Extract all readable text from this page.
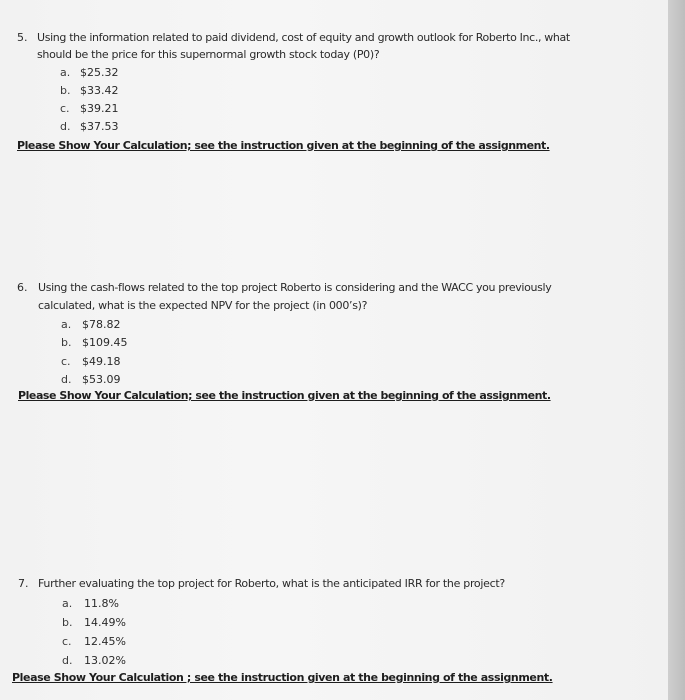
5. Using the information related to paid dividend, cost of equity and growth outlook for Roberto Inc., what
should be the price for this supernormal growth stock today (P0)?
a. $25.32
b. $33.42
c. $39.21
d. $37.53
Please Show Your Calculation; see the instruction given at the beginning of the assignment.
6. Using the cash-flows related to the top project Roberto is considering and the WACC you previously
calculated, what is the expected NPV for the project (in 000’s)?
a. $78.82
b. $109.45
c. $49.18
d. $53.09
Please Show Your Calculation; see the instruction given at the beginning of the assignment.
7. Further evaluating the top project for Roberto, what is the anticipated IRR for the project?
a. 11.8%
b. 14.49%
c. 12.45%
d. 13.02%
Please Show Your Calculation ; see the instruction given at the beginning of the assignment.
